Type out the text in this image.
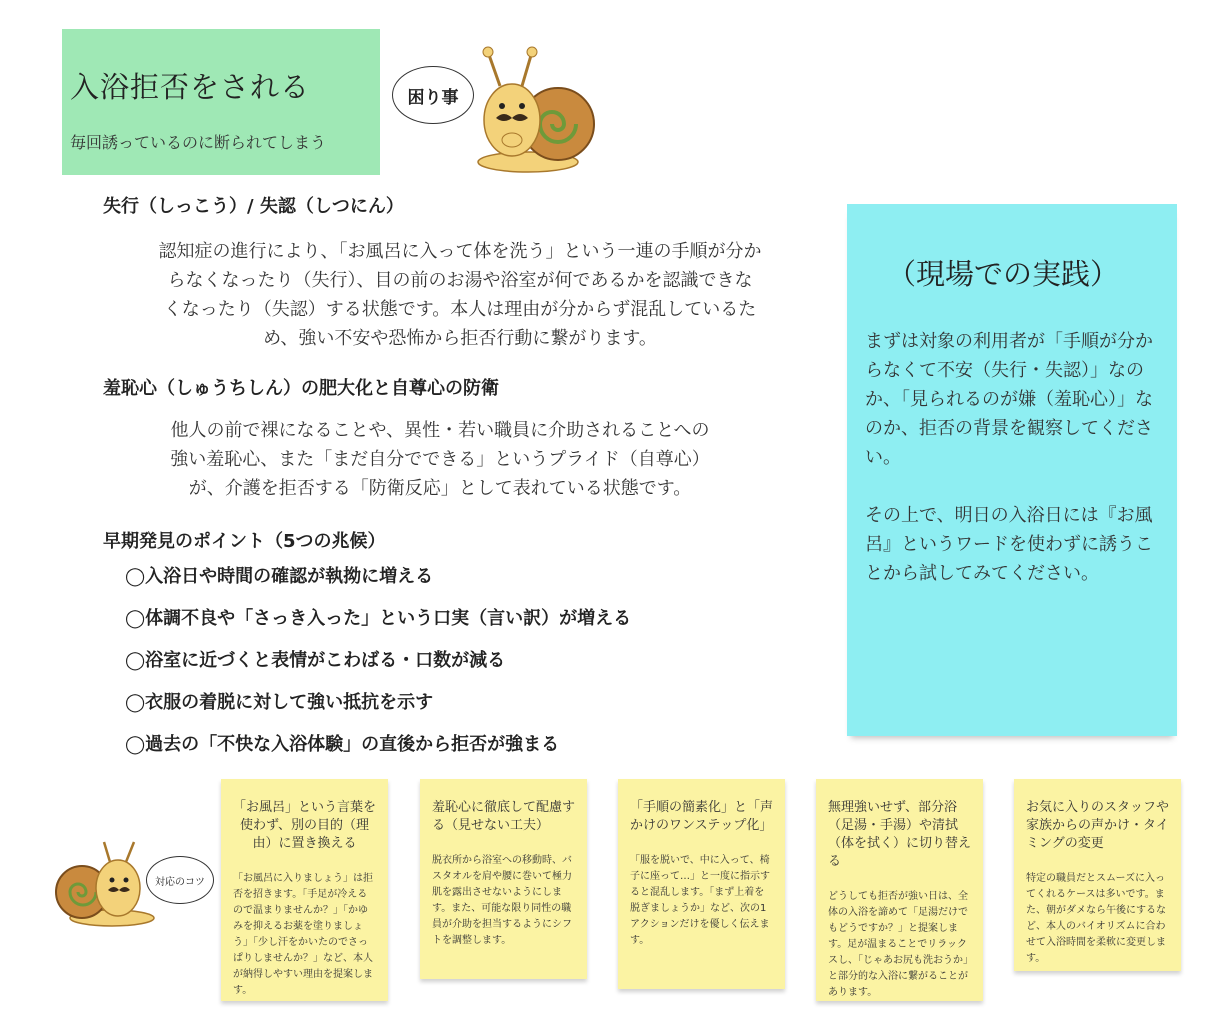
入浴拒否をされる
毎回誘っているのに断られてしまう
困り事
失行（しっこう）/ 失認（しつにん）
認知症の進行により、「お風呂に入って体を洗う」という一連の手順が分か
らなくなったり（失行）、目の前のお湯や浴室が何であるかを認識できな
くなったり（失認）する状態です。本人は理由が分からず混乱しているた
め、強い不安や恐怖から拒否行動に繋がります。
羞恥心（しゅうちしん）の肥大化と自尊心の防衛
他人の前で裸になることや、異性・若い職員に介助されることへの
強い羞恥心、また「まだ自分でできる」というプライド（自尊心）
が、介護を拒否する「防衛反応」として表れている状態です。
早期発見のポイント（5つの兆候）
◯入浴日や時間の確認が執拗に増える
◯体調不良や「さっき入った」という口実（言い訳）が増える
◯浴室に近づくと表情がこわばる・口数が減る
◯衣服の着脱に対して強い抵抗を示す
◯過去の「不快な入浴体験」の直後から拒否が強まる
（現場での実践）

まずは対象の利用者が「手順が分からなくて不安（失行・失認）」なのか、「見られるのが嫌（羞恥心）」なのか、拒否の背景を観察してください。

その上で、明日の入浴日には『お風呂』というワードを使わずに誘うことから試してみてください。

対応のコツ
「お風呂」という言葉を使わず、別の目的（理由）に置き換える
「お風呂に入りましょう」は拒否を招きます。「手足が冷えるので温まりませんか？」「かゆみを抑えるお薬を塗りましょう」「少し汗をかいたのでさっぱりしませんか？」など、本人が納得しやすい理由を提案します。
羞恥心に徹底して配慮する（見せない工夫）
脱衣所から浴室への移動時、バスタオルを肩や腰に巻いて極力肌を露出させないようにします。また、可能な限り同性の職員が介助を担当するようにシフトを調整します。
「手順の簡素化」と「声かけのワンステップ化」
「服を脱いで、中に入って、椅子に座って…」と一度に指示すると混乱します。「まず上着を脱ぎましょうか」など、次の1アクションだけを優しく伝えます。
無理強いせず、部分浴（足湯・手湯）や清拭（体を拭く）に切り替える
どうしても拒否が強い日は、全体の入浴を諦めて「足湯だけでもどうですか？」と提案します。足が温まることでリラックスし、「じゃあお尻も洗おうか」と部分的な入浴に繋がることがあります。
お気に入りのスタッフや家族からの声かけ・タイミングの変更
特定の職員だとスムーズに入ってくれるケースは多いです。また、朝がダメなら午後にするなど、本人のバイオリズムに合わせて入浴時間を柔軟に変更します。
